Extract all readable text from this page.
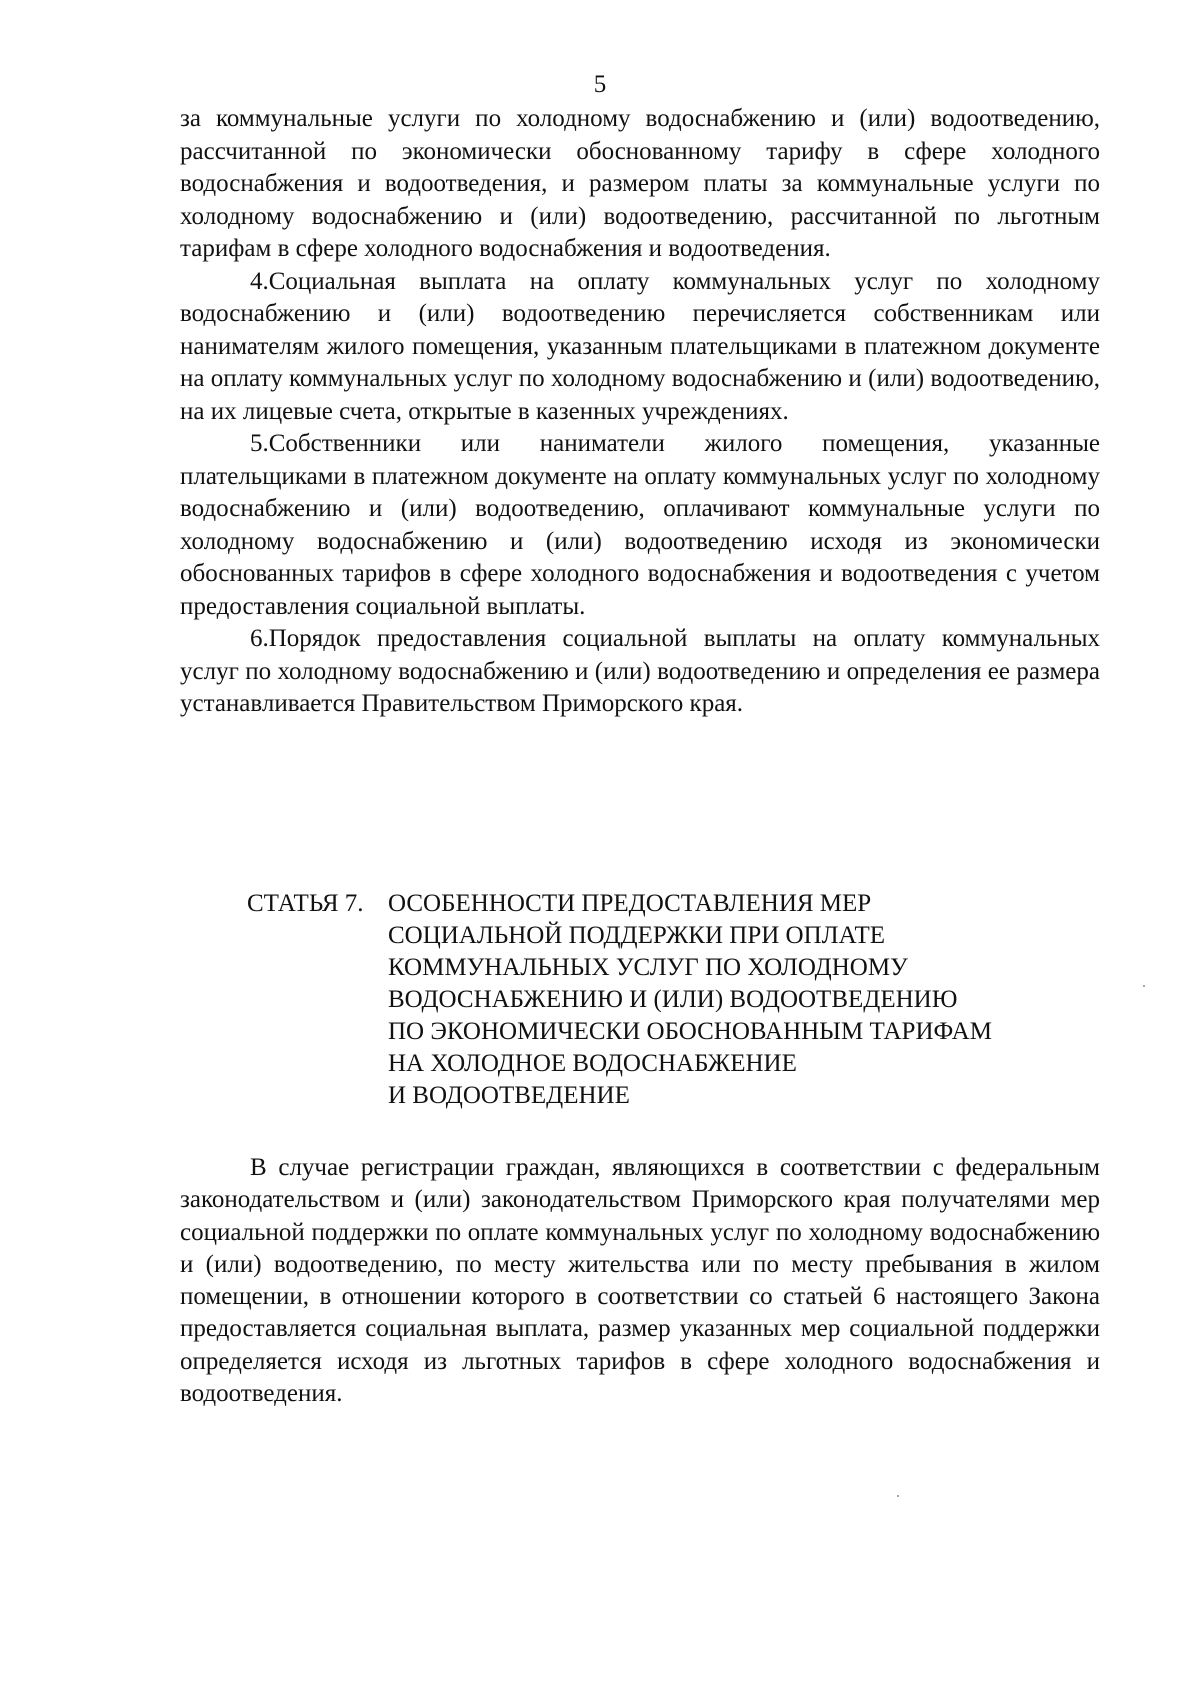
5

за коммунальные услуги по холодному водоснабжению и (или) водоотведению, рассчитанной по экономически обоснованному тарифу в сфере холодного водоснабжения и водоотведения, и размером платы за коммунальные услуги по холодному водоснабжению и (или) водоотведению, рассчитанной по льготным тарифам в сфере холодного водоснабжения и водоотведения.

4.Социальная выплата на оплату коммунальных услуг по холодному водоснабжению и (или) водоотведению перечисляется собственникам или нанимателям жилого помещения, указанным плательщиками в платежном документе на оплату коммунальных услуг по холодному водоснабжению и (или) водоотведению, на их лицевые счета, открытые в казенных учреждениях.

5.Собственники или наниматели жилого помещения, указанные плательщиками в платежном документе на оплату коммунальных услуг по холодному водоснабжению и (или) водоотведению, оплачивают коммунальные услуги по холодному водоснабжению и (или) водоотведению исходя из экономически обоснованных тарифов в сфере холодного водоснабжения и водоотведения с учетом предоставления социальной выплаты.

6.Порядок предоставления социальной выплаты на оплату коммунальных услуг по холодному водоснабжению и (или) водоотведению и определения ее размера устанавливается Правительством Приморского края.

СТАТЬЯ 7. ОСОБЕННОСТИ ПРЕДОСТАВЛЕНИЯ МЕР
СОЦИАЛЬНОЙ ПОДДЕРЖКИ ПРИ ОПЛАТЕ
КОММУНАЛЬНЫХ УСЛУГ ПО ХОЛОДНОМУ
ВОДОСНАБЖЕНИЮ И (ИЛИ) ВОДООТВЕДЕНИЮ
ПО ЭКОНОМИЧЕСКИ ОБОСНОВАННЫМ ТАРИФАМ
НА ХОЛОДНОЕ ВОДОСНАБЖЕНИЕ
И ВОДООТВЕДЕНИЕ

В случае регистрации граждан, являющихся в соответствии с федеральным законодательством и (или) законодательством Приморского края получателями мер социальной поддержки по оплате коммунальных услуг по холодному водоснабжению и (или) водоотведению, по месту жительства или по месту пребывания в жилом помещении, в отношении которого в соответствии со статьей 6 настоящего Закона предоставляется социальная выплата, размер указанных мер социальной поддержки определяется исходя из льготных тарифов в сфере холодного водоснабжения и водоотведения.
